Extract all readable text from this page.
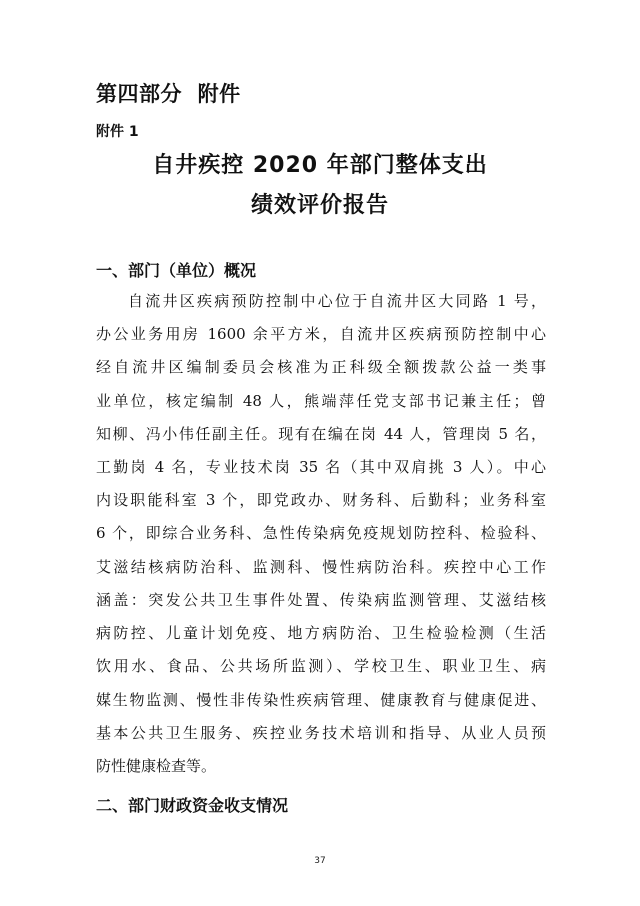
第四部分  附件
附件 1
自井疾控 2020 年部门整体支出
绩效评价报告
一、部门（单位）概况
自流井区疾病预防控制中心位于自流井区大同路 1 号，
办公业务用房 1600 余平方米，自流井区疾病预防控制中心
经自流井区编制委员会核准为正科级全额拨款公益一类事
业单位，核定编制 48 人，熊端萍任党支部书记兼主任；曾
知柳、冯小伟任副主任。现有在编在岗 44 人，管理岗 5 名，
工勤岗 4 名，专业技术岗 35 名（其中双肩挑 3 人）。中心
内设职能科室 3 个，即党政办、财务科、后勤科；业务科室
6 个，即综合业务科、急性传染病免疫规划防控科、检验科、
艾滋结核病防治科、监测科、慢性病防治科。疾控中心工作
涵盖：突发公共卫生事件处置、传染病监测管理、艾滋结核
病防控、儿童计划免疫、地方病防治、卫生检验检测（生活
饮用水、食品、公共场所监测）、学校卫生、职业卫生、病
媒生物监测、慢性非传染性疾病管理、健康教育与健康促进、
基本公共卫生服务、疾控业务技术培训和指导、从业人员预
防性健康检查等。
二、部门财政资金收支情况
37
